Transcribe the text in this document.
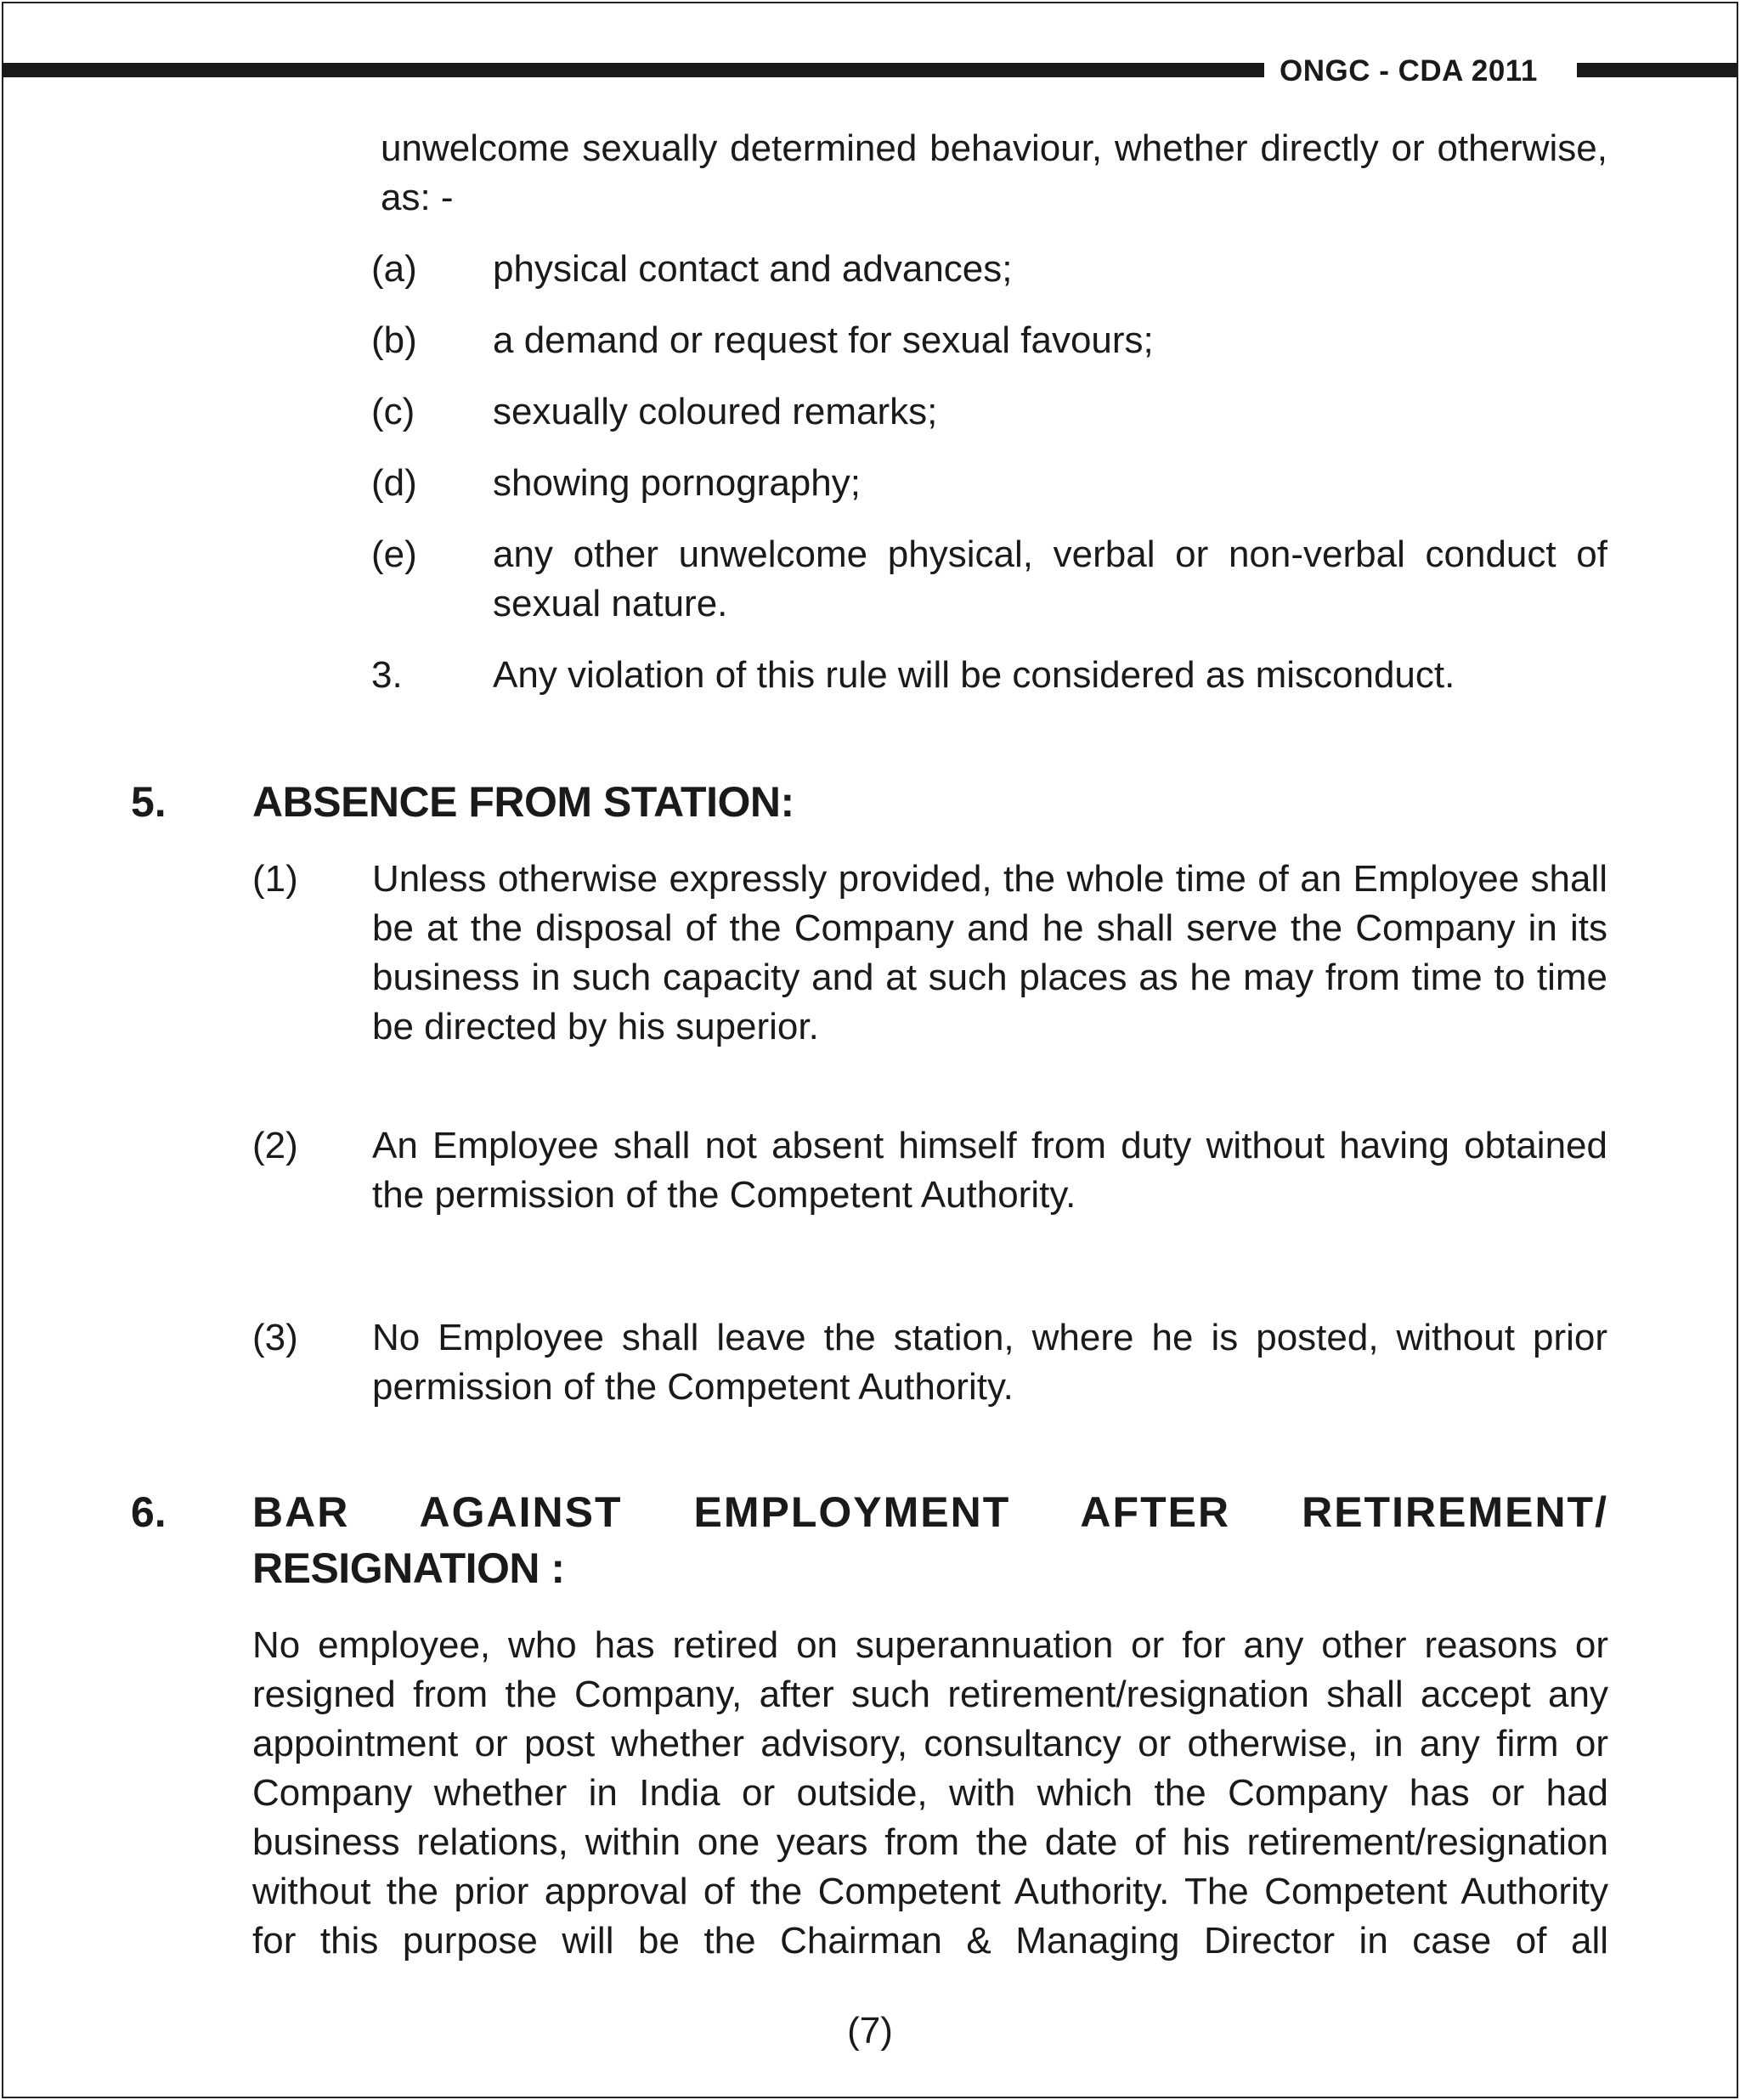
ONGC - CDA 2011
unwelcome sexually determined behaviour, whether directly or otherwise, as: -
(a) physical contact and advances;
(b) a demand or request for sexual favours;
(c) sexually coloured remarks;
(d) showing pornography;
(e) any other unwelcome physical, verbal or non-verbal conduct of sexual nature.
3. Any violation of this rule will be considered as misconduct.
5. ABSENCE FROM STATION:
(1) Unless otherwise expressly provided, the whole time of an Employee shall be at the disposal of the Company and he shall serve the Company in its business in such capacity and at such places as he may from time to time be directed by his superior.
(2) An Employee shall not absent himself from duty without having obtained the permission of the Competent Authority.
(3) No Employee shall leave the station, where he is posted, without prior permission of the Competent Authority.
6. BAR AGAINST EMPLOYMENT AFTER RETIREMENT/
RESIGNATION :
No employee, who has retired on superannuation or for any other reasons or resigned from the Company, after such retirement/resignation shall accept any appointment or post whether advisory, consultancy or otherwise, in any firm or Company whether in India or outside, with which the Company has or had business relations, within one years from the date of his retirement/resignation without the prior approval of the Competent Authority. The Competent Authority for this purpose will be the Chairman & Managing Director in case of all
(7)
